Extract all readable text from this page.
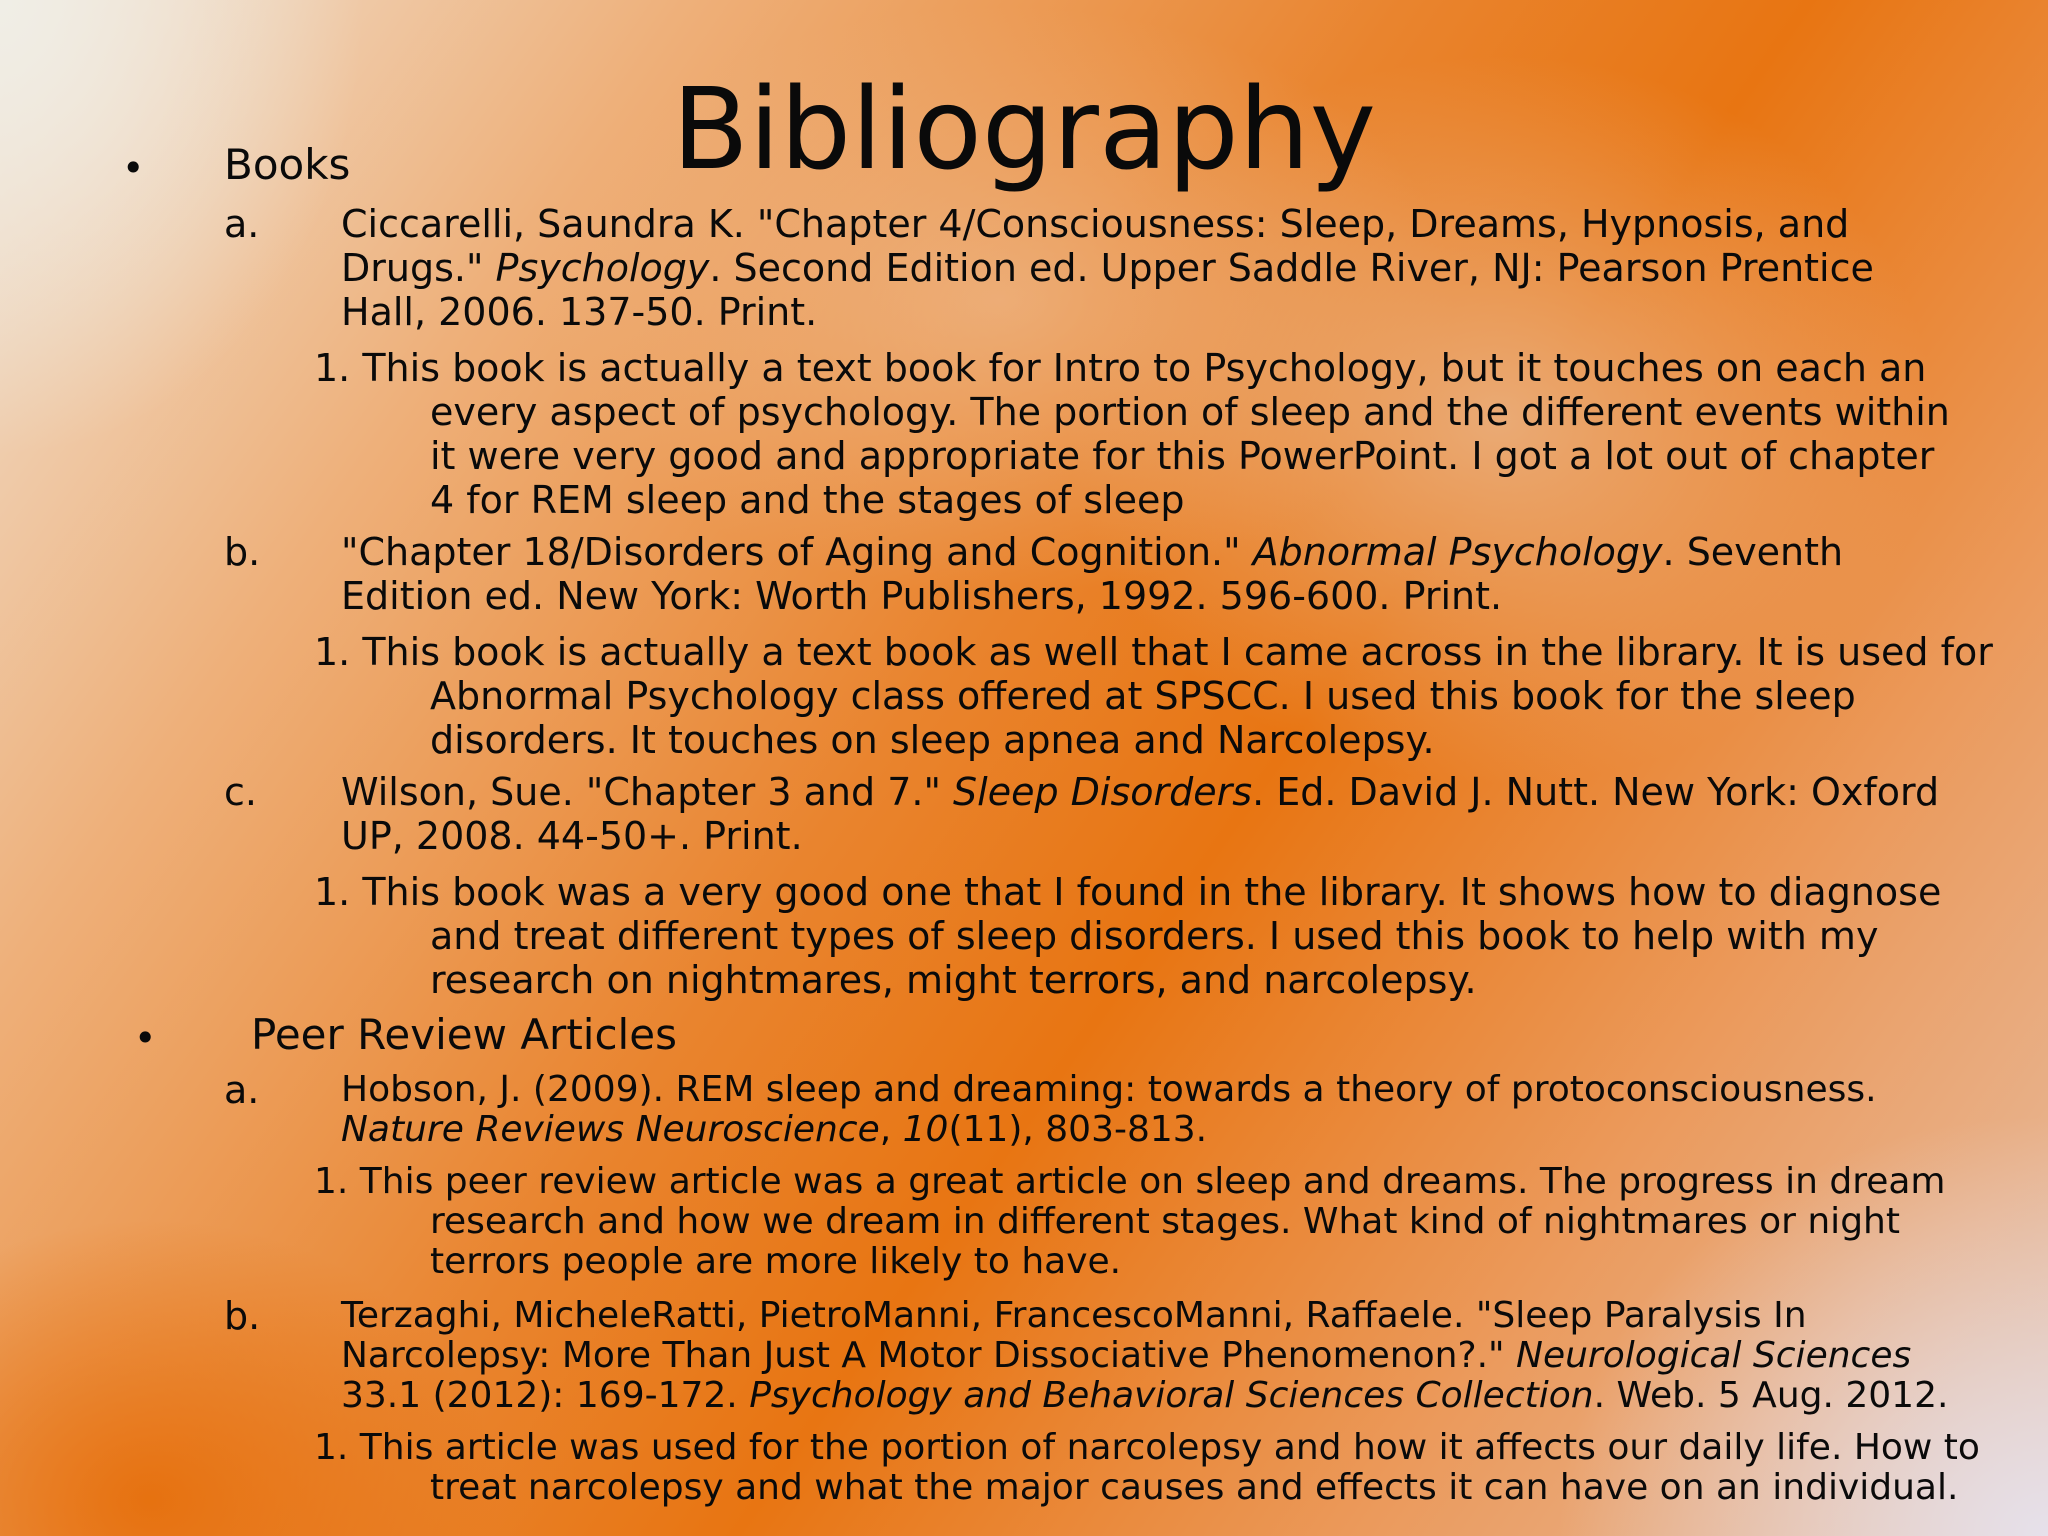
Bibliography
• Books
a. Ciccarelli, Saundra K. "Chapter 4/Consciousness: Sleep, Dreams, Hypnosis, and
Drugs." Psychology. Second Edition ed. Upper Saddle River, NJ: Pearson Prentice
Hall, 2006. 137-50. Print.
1. This book is actually a text book for Intro to Psychology, but it touches on each an
every aspect of psychology. The portion of sleep and the different events within
it were very good and appropriate for this PowerPoint. I got a lot out of chapter
4 for REM sleep and the stages of sleep
b. "Chapter 18/Disorders of Aging and Cognition." Abnormal Psychology. Seventh
Edition ed. New York: Worth Publishers, 1992. 596-600. Print.
1. This book is actually a text book as well that I came across in the library. It is used for
Abnormal Psychology class offered at SPSCC. I used this book for the sleep
disorders. It touches on sleep apnea and Narcolepsy.
c. Wilson, Sue. "Chapter 3 and 7." Sleep Disorders. Ed. David J. Nutt. New York: Oxford
UP, 2008. 44-50+. Print.
1. This book was a very good one that I found in the library. It shows how to diagnose
and treat different types of sleep disorders. I used this book to help with my
research on nightmares, might terrors, and narcolepsy.
• Peer Review Articles
a. Hobson, J. (2009). REM sleep and dreaming: towards a theory of protoconsciousness.
Nature Reviews Neuroscience, 10(11), 803-813.
1. This peer review article was a great article on sleep and dreams. The progress in dream
research and how we dream in different stages. What kind of nightmares or night
terrors people are more likely to have.
b. Terzaghi, MicheleRatti, PietroManni, FrancescoManni, Raffaele. "Sleep Paralysis In
Narcolepsy: More Than Just A Motor Dissociative Phenomenon?." Neurological Sciences
33.1 (2012): 169-172. Psychology and Behavioral Sciences Collection. Web. 5 Aug. 2012.
1. This article was used for the portion of narcolepsy and how it affects our daily life. How to
treat narcolepsy and what the major causes and effects it can have on an individual.
